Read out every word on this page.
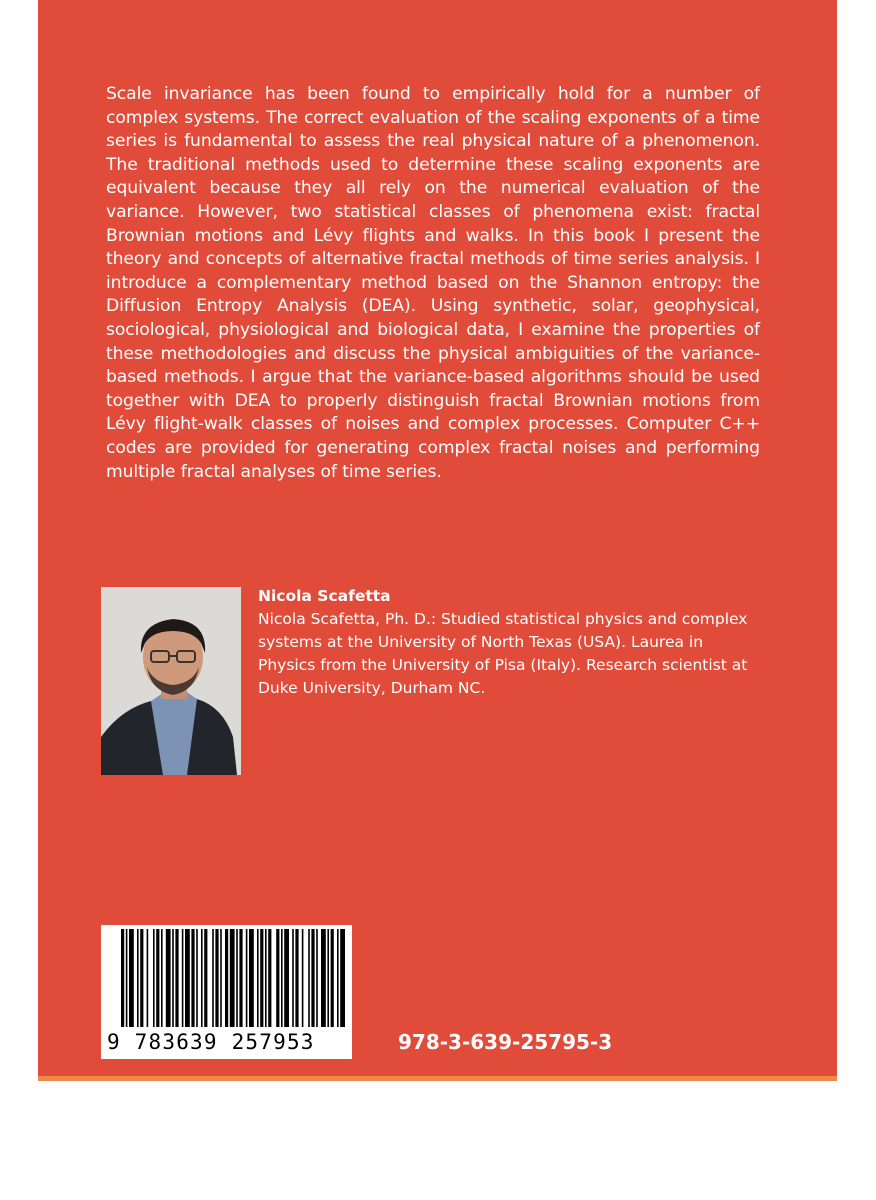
Scale invariance has been found to empirically hold for a number of complex systems. The correct evaluation of the scaling exponents of a time series is fundamental to assess the real physical nature of a phenomenon. The traditional methods used to determine these scaling exponents are equivalent because they all rely on the numerical evaluation of the variance. However, two statistical classes of phenomena exist: fractal Brownian motions and Lévy flights and walks. In this book I present the theory and concepts of alternative fractal methods of time series analysis. I introduce a complementary method based on the Shannon entropy: the Diffusion Entropy Analysis (DEA). Using synthetic, solar, geophysical, sociological, physiological and biological data, I examine the properties of these methodologies and discuss the physical ambiguities of the variance-based methods. I argue that the variance-based algorithms should be used together with DEA to properly distinguish fractal Brownian motions from Lévy flight-walk classes of noises and complex processes. Computer C++ codes are provided for generating complex fractal noises and performing multiple fractal analyses of time series.

Nicola Scafetta

Nicola Scafetta, Ph. D.: Studied statistical physics and complex systems at the University of North Texas (USA). Laurea in Physics from the University of Pisa (Italy). Research scientist at Duke University, Durham NC.

9 783639 257953	978-3-639-25795-3
